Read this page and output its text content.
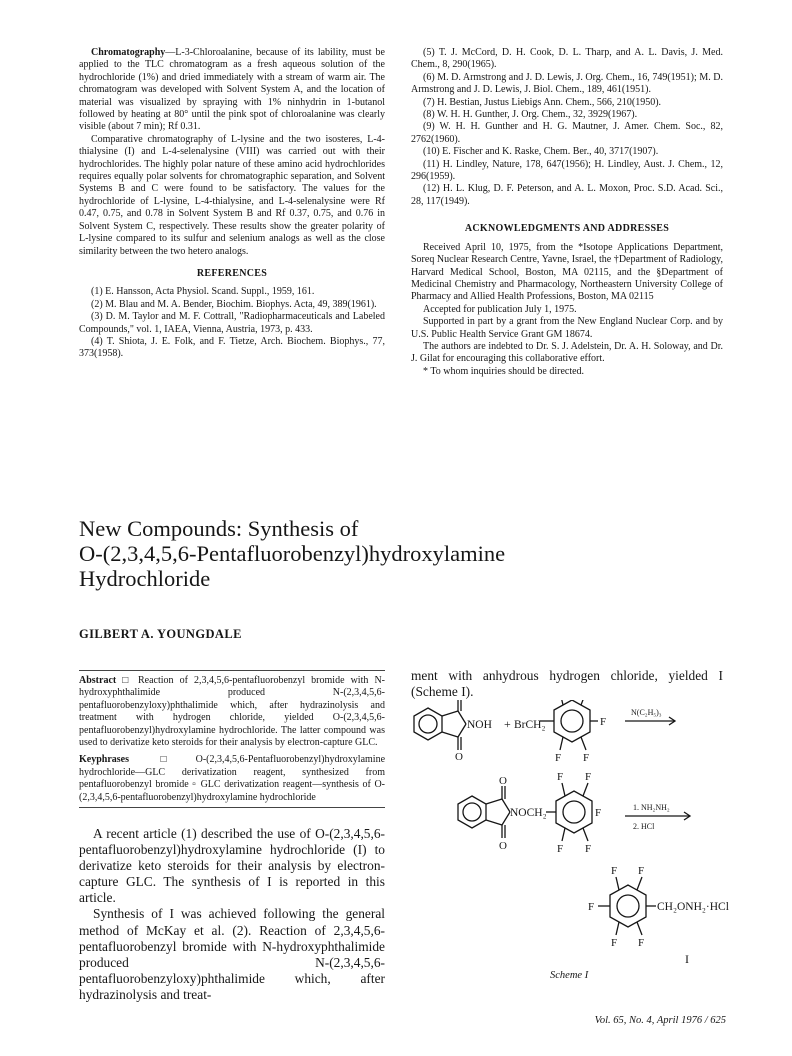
Chromatography—L-3-Chloroalanine, because of its lability, must be applied to the TLC chromatogram as a fresh aqueous solution of the hydrochloride (1%) and dried immediately with a stream of warm air. The chromatogram was developed with Solvent System A, and the location of material was visualized by spraying with 1% ninhydrin in 1-butanol followed by heating at 80° until the pink spot of chloroalanine was clearly visible (about 7 min); Rf 0.31.

Comparative chromatography of L-lysine and the two isosteres, L-4-thialysine (I) and L-4-selenalysine (VIII) was carried out with their hydrochlorides. The highly polar nature of these amino acid hydrochlorides requires equally polar solvents for chromatographic separation, and Solvent Systems B and C were found to be satisfactory. The values for the hydrochloride of L-lysine, L-4-thialysine, and L-4-selenalysine were Rf 0.47, 0.75, and 0.78 in Solvent System B and Rf 0.37, 0.75, and 0.76 in Solvent System C, respectively. These results show the greater polarity of L-lysine compared to its sulfur and selenium analogs as well as the close similarity between the two hetero analogs.

REFERENCES

(1) E. Hansson, Acta Physiol. Scand. Suppl., 1959, 161.

(2) M. Blau and M. A. Bender, Biochim. Biophys. Acta, 49, 389(1961).

(3) D. M. Taylor and M. F. Cottrall, "Radiopharmaceuticals and Labeled Compounds," vol. 1, IAEA, Vienna, Austria, 1973, p. 433.

(4) T. Shiota, J. E. Folk, and F. Tietze, Arch. Biochem. Biophys., 77, 373(1958).

(5) T. J. McCord, D. H. Cook, D. L. Tharp, and A. L. Davis, J. Med. Chem., 8, 290(1965).

(6) M. D. Armstrong and J. D. Lewis, J. Org. Chem., 16, 749(1951); M. D. Armstrong and J. D. Lewis, J. Biol. Chem., 189, 461(1951).

(7) H. Bestian, Justus Liebigs Ann. Chem., 566, 210(1950).

(8) W. H. H. Gunther, J. Org. Chem., 32, 3929(1967).

(9) W. H. H. Gunther and H. G. Mautner, J. Amer. Chem. Soc., 82, 2762(1960).

(10) E. Fischer and K. Raske, Chem. Ber., 40, 3717(1907).

(11) H. Lindley, Nature, 178, 647(1956); H. Lindley, Aust. J. Chem., 12, 296(1959).

(12) H. L. Klug, D. F. Peterson, and A. L. Moxon, Proc. S.D. Acad. Sci., 28, 117(1949).

ACKNOWLEDGMENTS AND ADDRESSES

Received April 10, 1975, from the *Isotope Applications Department, Soreq Nuclear Research Centre, Yavne, Israel, the †Department of Radiology, Harvard Medical School, Boston, MA 02115, and the §Department of Medicinal Chemistry and Pharmacology, Northeastern University College of Pharmacy and Allied Health Professions, Boston, MA 02115

Accepted for publication July 1, 1975.

Supported in part by a grant from the New England Nuclear Corp. and by U.S. Public Health Service Grant GM 18674.

The authors are indebted to Dr. S. J. Adelstein, Dr. A. H. Soloway, and Dr. J. Gilat for encouraging this collaborative effort.

* To whom inquiries should be directed.

New Compounds: Synthesis of
O-(2,3,4,5,6-Pentafluorobenzyl)hydroxylamine
Hydrochloride
GILBERT A. YOUNGDALE

Abstract □ Reaction of 2,3,4,5,6-pentafluorobenzyl bromide with N-hydroxyphthalimide produced N-(2,3,4,5,6-pentafluorobenzyloxy)phthalimide which, after hydrazinolysis and treatment with hydrogen chloride, yielded O-(2,3,4,5,6-pentafluorobenzyl)hydroxylamine hydrochloride. The latter compound was used to derivatize keto steroids for their analysis by electron-capture GLC.

Keyphrases	□O-(2,3,4,5,6-Pentafluorobenzyl)hydroxylamine hydrochloride—GLC derivatization reagent, synthesized from pentafluorobenzyl bromide ▫ GLC derivatization reagent—synthesis of O-(2,3,4,5,6-pentafluorobenzyl)hydroxylamine hydrochloride

A recent article (1) described the use of O-(2,3,4,5,6-pentafluorobenzyl)hydroxylamine hydrochloride (I) to derivatize keto steroids for their analysis by electron-capture GLC. The synthesis of I is reported in this article.

Synthesis of I was achieved following the general method of McKay et al. (2). Reaction of 2,3,4,5,6-pentafluorobenzyl bromide with N-hydroxyphthalimide produced N-(2,3,4,5,6-pentafluorobenzyloxy)phthalimide which, after hydrazinolysis and treat-

ment with anhydrous hydrogen chloride, yielded I (Scheme I).

O
NOH + BrCH₂	F
F F
N(C₂H₅)₃
O
O
NOCH₂
F F
F
F F
1. NH₂NH₂
2. HCl
F F
F
F F
CH₂ONH₂·HCl
I
Scheme I
Vol. 65, No. 4, April 1976 / 625
